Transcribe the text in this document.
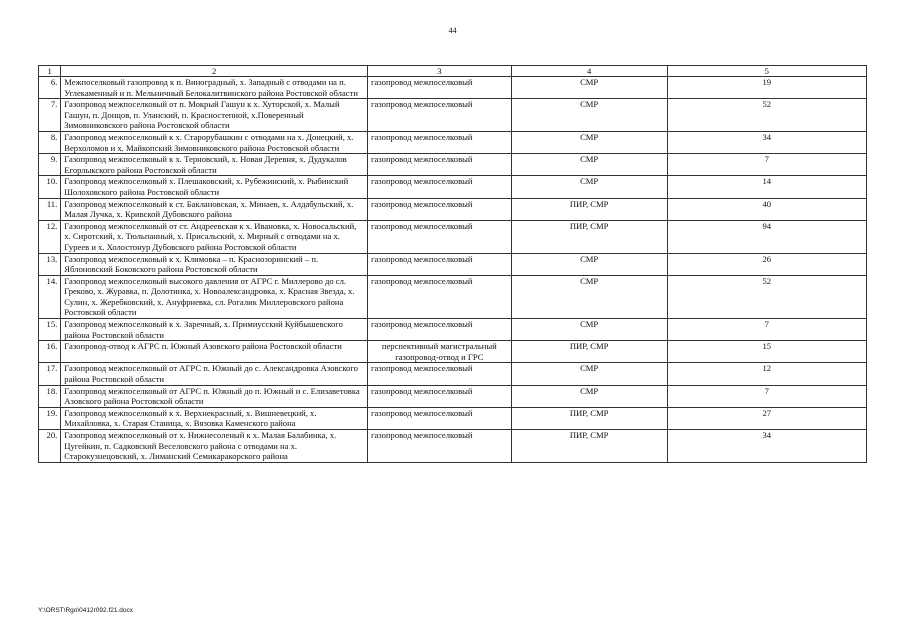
44
1	2	3	4	5
6.	Межпоселковый газопровод к п. Виноградный, х. Западный с отводами на п. Углекаменный и п. Мельничный Белокалитвинского района Ростовской области	газопровод межпоселковый	СМР	19
7.	Газопровод межпоселковый от п. Мокрый Гашун к х. Хуторской, х. Малый Гашун, п. Донцов, п. Уланский, п. Красностепной, х.Поверенный Зимовниковского района Ростовской области	газопровод межпоселковый	СМР	52
8.	Газопровод межпоселковый к х. Старорубашкин с отводами на х. Донецкий, х. Верхоломов и х. Майкопский Зимовниковского района Ростовской области	газопровод межпоселковый	СМР	34
9.	Газопровод межпоселковый к х. Терновский, х. Новая Деревня, х. Дудукалов Егорлыкского района Ростовской области	газопровод межпоселковый	СМР	7
10.	Газопровод межпоселковый х. Плешаковский, х. Рубежинский, х. Рыбинский Шолоховского района Ростовской области	газопровод межпоселковый	СМР	14
11.	Газопровод межпоселковый к ст. Баклановская, х. Минаев, х. Алдабульский, х. Малая Лучка, х. Кривской Дубовского района	газопровод межпоселковый	ПИР, СМР	40
12.	Газопровод межпоселковый от ст. Андреевская к х. Ивановка, х. Новосальский, х. Сиротский, х. Тюльпанный, х. Присальский, х. Мирный с отводами на х. Гуреев и х. Холостонур Дубовского района Ростовской области	газопровод межпоселковый	ПИР, СМР	94
13.	Газопровод межпоселковый к х. Климовка – п. Краснозоринский – п. Яблоновский Боковского района Ростовской области	газопровод межпоселковый	СМР	26
14.	Газопровод межпоселковый высокого давления от АГРС г. Миллерово до сл. Греково, х. Журавка, п. Долотинка, х. Новоалександровка, х. Красная Звезда, х. Сулин, х. Жеребковский, х. Ануфриевка, сл. Рогалик Миллеровского района Ростовской области	газопровод межпоселковый	СМР	52
15.	Газопровод межпоселковый к х. Заречный, х. Примиусский Куйбышевского района Ростовской области	газопровод межпоселковый	СМР	7
16.	Газопровод-отвод к АГРС п. Южный Азовского района Ростовской области	перспективный магистральный газопровод-отвод и ГРС	ПИР, СМР	15
17.	Газопровод межпоселковый от АГРС п. Южный до с. Александровка Азовского района Ростовской области	газопровод межпоселковый	СМР	12
18.	Газопровод межпоселковый от АГРС п. Южный до п. Южный и с. Елизаветовка Азовского района Ростовской области	газопровод межпоселковый	СМР	7
19.	Газопровод межпоселковый к х. Верхнекрасный, х. Вишневецкий, х. Михайловка, х. Старая Станица, х. Вязовка Каменского района	газопровод межпоселковый	ПИР, СМР	27
20.	Газопровод межпоселковый от х. Нижнесоленый к х. Малая Балабинка, х. Цугейкин, п. Садковский Веселовского района с отводами на х. Старокузнецовский, х. Лиманский Семикаракорского района	газопровод межпоселковый	ПИР, СМР	34
Y:\ORST\Rgo\0412r092.f21.docx
